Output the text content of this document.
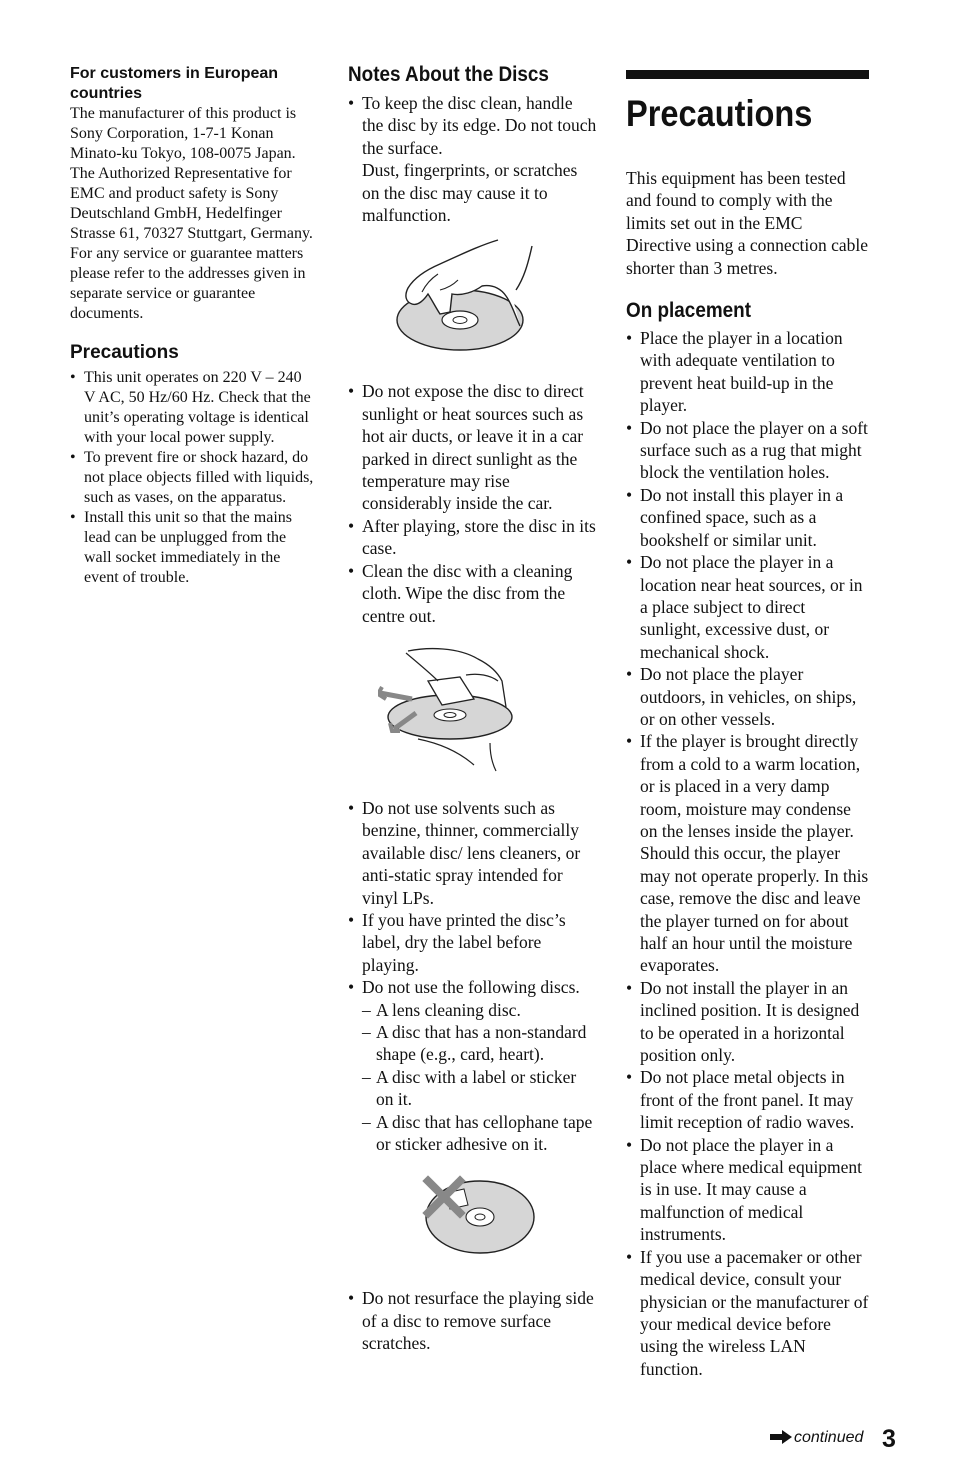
For customers in European countries

The manufacturer of this product is Sony Corporation, 1-7-1 Konan Minato-ku Tokyo, 108-0075 Japan. The Authorized Representative for EMC and product safety is Sony Deutschland GmbH, Hedelfinger Strasse 61, 70327 Stuttgart, Germany. For any service or guarantee matters please refer to the addresses given in separate service or guarantee documents.

Precautions

• This unit operates on 220 V – 240 V AC, 50 Hz/60 Hz. Check that the unit’s operating voltage is identical with your local power supply.
• To prevent fire or shock hazard, do not place objects filled with liquids, such as vases, on the apparatus.
• Install this unit so that the mains lead can be unplugged from the wall socket immediately in the event of trouble.
Notes About the Discs
• To keep the disc clean, handle the disc by its edge. Do not touch the surface.
Dust, fingerprints, or scratches on the disc may cause it to malfunction.
• Do not expose the disc to direct sunlight or heat sources such as hot air ducts, or leave it in a car parked in direct sunlight as the temperature may rise considerably inside the car.
• After playing, store the disc in its case.
• Clean the disc with a cleaning cloth. Wipe the disc from the centre out.
• Do not use solvents such as benzine, thinner, commercially available disc/ lens cleaners, or anti-static spray intended for vinyl LPs.
• If you have printed the disc’s label, dry the label before playing.
• Do not use the following discs.
– A lens cleaning disc.
– A disc that has a non-standard shape (e.g., card, heart).
– A disc with a label or sticker on it.
– A disc that has cellophane tape or sticker adhesive on it.
• Do not resurface the playing side of a disc to remove surface scratches.
Precautions

This equipment has been tested and found to comply with the limits set out in the EMC Directive using a connection cable shorter than 3 metres.

On placement
• Place the player in a location with adequate ventilation to prevent heat build-up in the player.
• Do not place the player on a soft surface such as a rug that might block the ventilation holes.
• Do not install this player in a confined space, such as a bookshelf or similar unit.
• Do not place the player in a location near heat sources, or in a place subject to direct sunlight, excessive dust, or mechanical shock.
• Do not place the player outdoors, in vehicles, on ships, or on other vessels.
• If the player is brought directly from a cold to a warm location, or is placed in a very damp room, moisture may condense on the lenses inside the player. Should this occur, the player may not operate properly. In this case, remove the disc and leave the player turned on for about half an hour until the moisture evaporates.
• Do not install the player in an inclined position. It is designed to be operated in a horizontal position only.
• Do not place metal objects in front of the front panel. It may limit reception of radio waves.
• Do not place the player in a place where medical equipment is in use. It may cause a malfunction of medical instruments.
• If you use a pacemaker or other medical device, consult your physician or the manufacturer of your medical device before using the wireless LAN function.
continued 3
